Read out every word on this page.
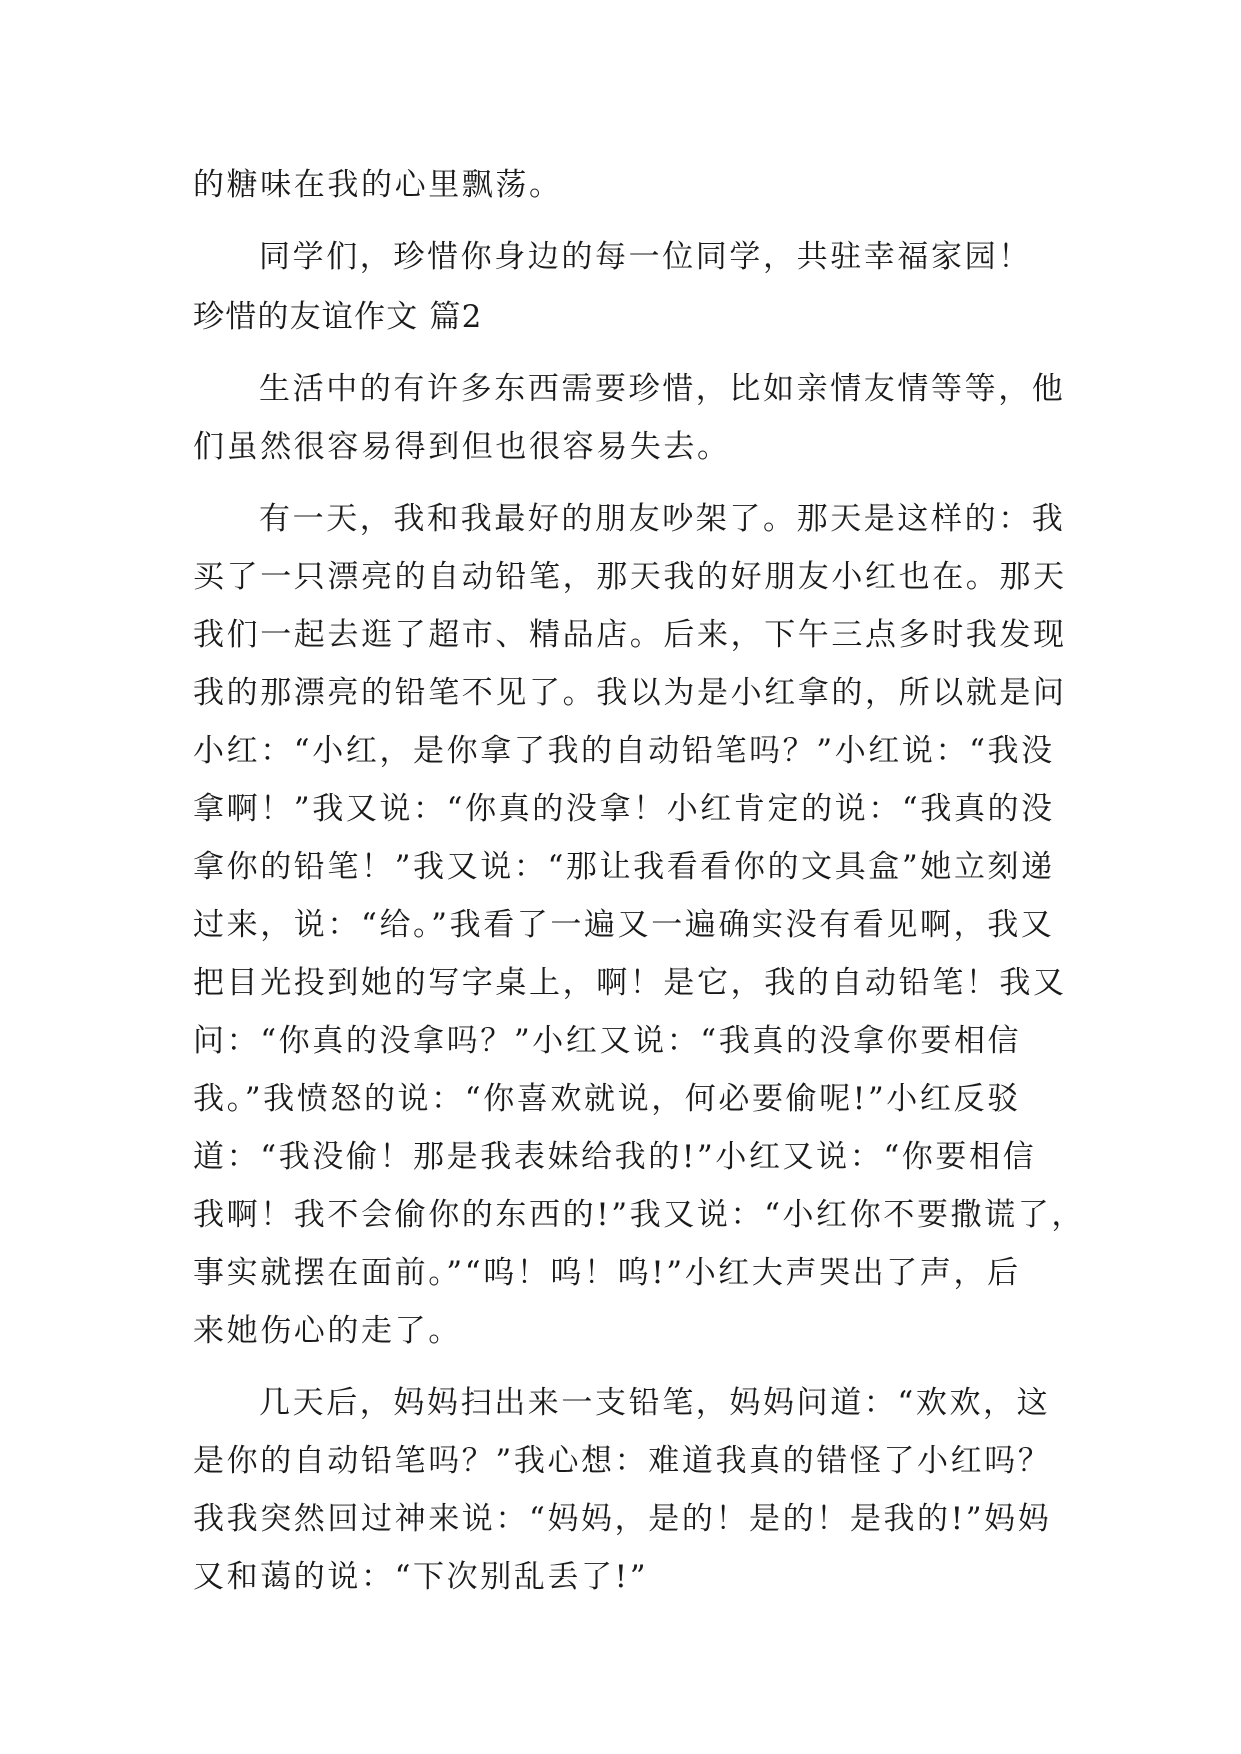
的糖味在我的心里飘荡。
同学们，珍惜你身边的每一位同学，共驻幸福家园！
珍惜的友谊作文 篇2
生活中的有许多东西需要珍惜，比如亲情友情等等，他
们虽然很容易得到但也很容易失去。
有一天，我和我最好的朋友吵架了。那天是这样的：我
买了一只漂亮的自动铅笔，那天我的好朋友小红也在。那天
我们一起去逛了超市、精品店。后来，下午三点多时我发现
我的那漂亮的铅笔不见了。我以为是小红拿的，所以就是问
小红：“小红，是你拿了我的自动铅笔吗？”小红说：“我没
拿啊！”我又说：“你真的没拿！小红肯定的说：“我真的没
拿你的铅笔！”我又说：“那让我看看你的文具盒”她立刻递
过来，说：“给。”我看了一遍又一遍确实没有看见啊，我又
把目光投到她的写字桌上，啊！是它，我的自动铅笔！我又
问：“你真的没拿吗？”小红又说：“我真的没拿你要相信
我。”我愤怒的说：“你喜欢就说，何必要偷呢!”小红反驳
道：“我没偷！那是我表妹给我的!”小红又说：“你要相信
我啊！我不会偷你的东西的!”我又说：“小红你不要撒谎了，
事实就摆在面前。”“呜！呜！呜!”小红大声哭出了声，后
来她伤心的走了。
几天后，妈妈扫出来一支铅笔，妈妈问道：“欢欢，这
是你的自动铅笔吗？”我心想：难道我真的错怪了小红吗？
我我突然回过神来说：“妈妈，是的！是的！是我的!”妈妈
又和蔼的说：“下次别乱丢了!”
